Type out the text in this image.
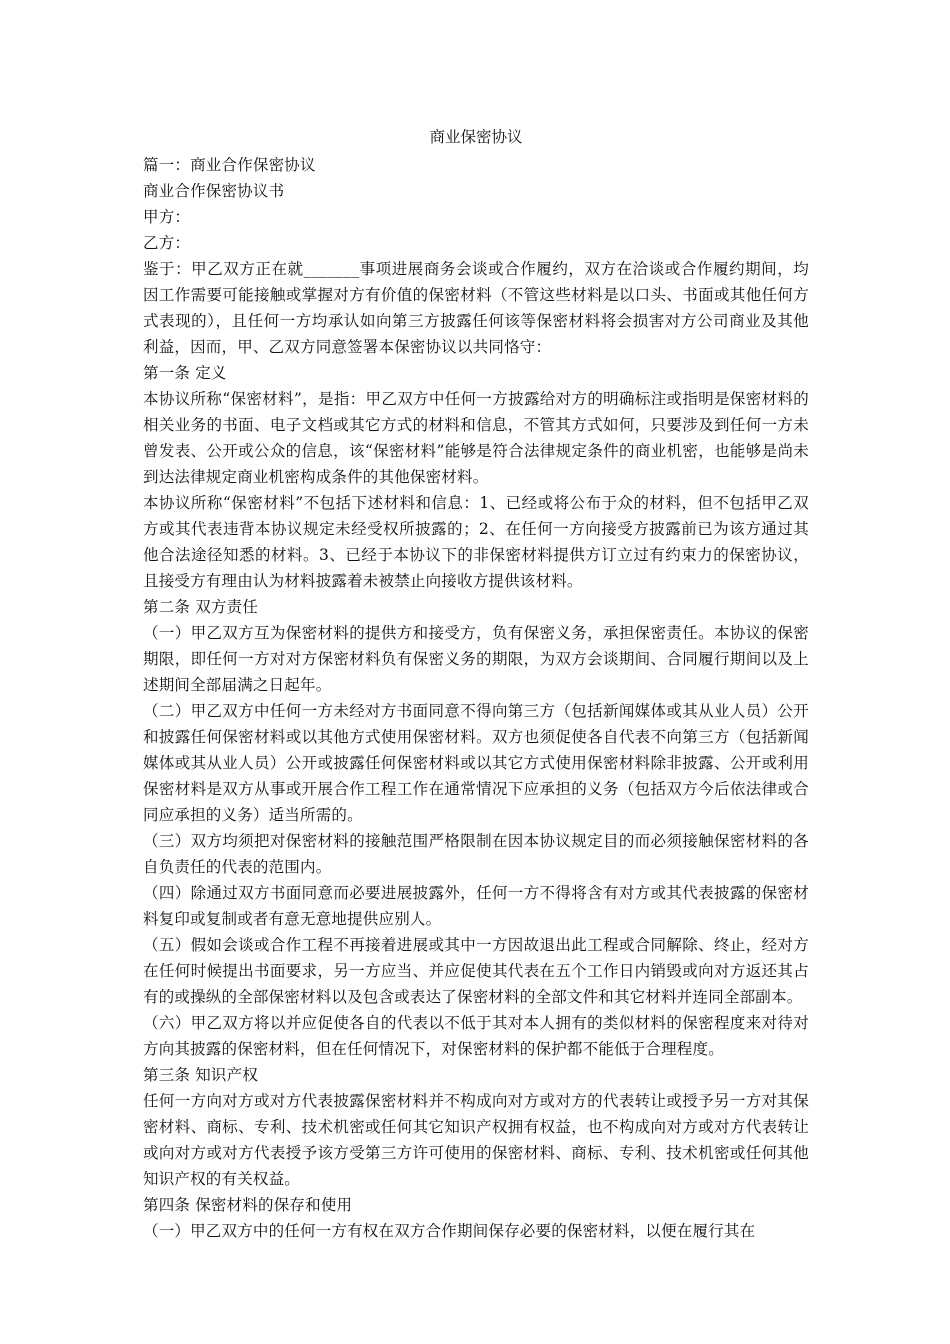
商业保密协议
篇一：商业合作保密协议
商业合作保密协议书
甲方：
乙方：
鉴于：甲乙双方正在就_______事项进展商务会谈或合作履约，双方在洽谈或合作履约期间，均因工作需要可能接触或掌握对方有价值的保密材料（不管这些材料是以口头、书面或其他任何方式表现的），且任何一方均承认如向第三方披露任何该等保密材料将会损害对方公司商业及其他利益，因而，甲、乙双方同意签署本保密协议以共同恪守：
第一条 定义
本协议所称“保密材料”，是指：甲乙双方中任何一方披露给对方的明确标注或指明是保密材料的相关业务的书面、电子文档或其它方式的材料和信息，不管其方式如何，只要涉及到任何一方未曾发表、公开或公众的信息，该“保密材料”能够是符合法律规定条件的商业机密，也能够是尚未到达法律规定商业机密构成条件的其他保密材料。
本协议所称“保密材料”不包括下述材料和信息：1、已经或将公布于众的材料，但不包括甲乙双方或其代表违背本协议规定未经受权所披露的；2、在任何一方向接受方披露前已为该方通过其他合法途径知悉的材料。3、已经于本协议下的非保密材料提供方订立过有约束力的保密协议，且接受方有理由认为材料披露着未被禁止向接收方提供该材料。
第二条 双方责任
（一）甲乙双方互为保密材料的提供方和接受方，负有保密义务，承担保密责任。本协议的保密期限，即任何一方对对方保密材料负有保密义务的期限，为双方会谈期间、合同履行期间以及上述期间全部届满之日起年。
（二）甲乙双方中任何一方未经对方书面同意不得向第三方（包括新闻媒体或其从业人员）公开和披露任何保密材料或以其他方式使用保密材料。双方也须促使各自代表不向第三方（包括新闻媒体或其从业人员）公开或披露任何保密材料或以其它方式使用保密材料除非披露、公开或利用保密材料是双方从事或开展合作工程工作在通常情况下应承担的义务（包括双方今后依法律或合同应承担的义务）适当所需的。
（三）双方均须把对保密材料的接触范围严格限制在因本协议规定目的而必须接触保密材料的各自负责任的代表的范围内。
（四）除通过双方书面同意而必要进展披露外，任何一方不得将含有对方或其代表披露的保密材料复印或复制或者有意无意地提供应别人。
（五）假如会谈或合作工程不再接着进展或其中一方因故退出此工程或合同解除、终止，经对方在任何时候提出书面要求，另一方应当、并应促使其代表在五个工作日内销毁或向对方返还其占有的或操纵的全部保密材料以及包含或表达了保密材料的全部文件和其它材料并连同全部副本。
（六）甲乙双方将以并应促使各自的代表以不低于其对本人拥有的类似材料的保密程度来对待对方向其披露的保密材料，但在任何情况下，对保密材料的保护都不能低于合理程度。
第三条 知识产权
任何一方向对方或对方代表披露保密材料并不构成向对方或对方的代表转让或授予另一方对其保密材料、商标、专利、技术机密或任何其它知识产权拥有权益，也不构成向对方或对方代表转让或向对方或对方代表授予该方受第三方许可使用的保密材料、商标、专利、技术机密或任何其他知识产权的有关权益。
第四条 保密材料的保存和使用
（一）甲乙双方中的任何一方有权在双方合作期间保存必要的保密材料，以便在履行其在
